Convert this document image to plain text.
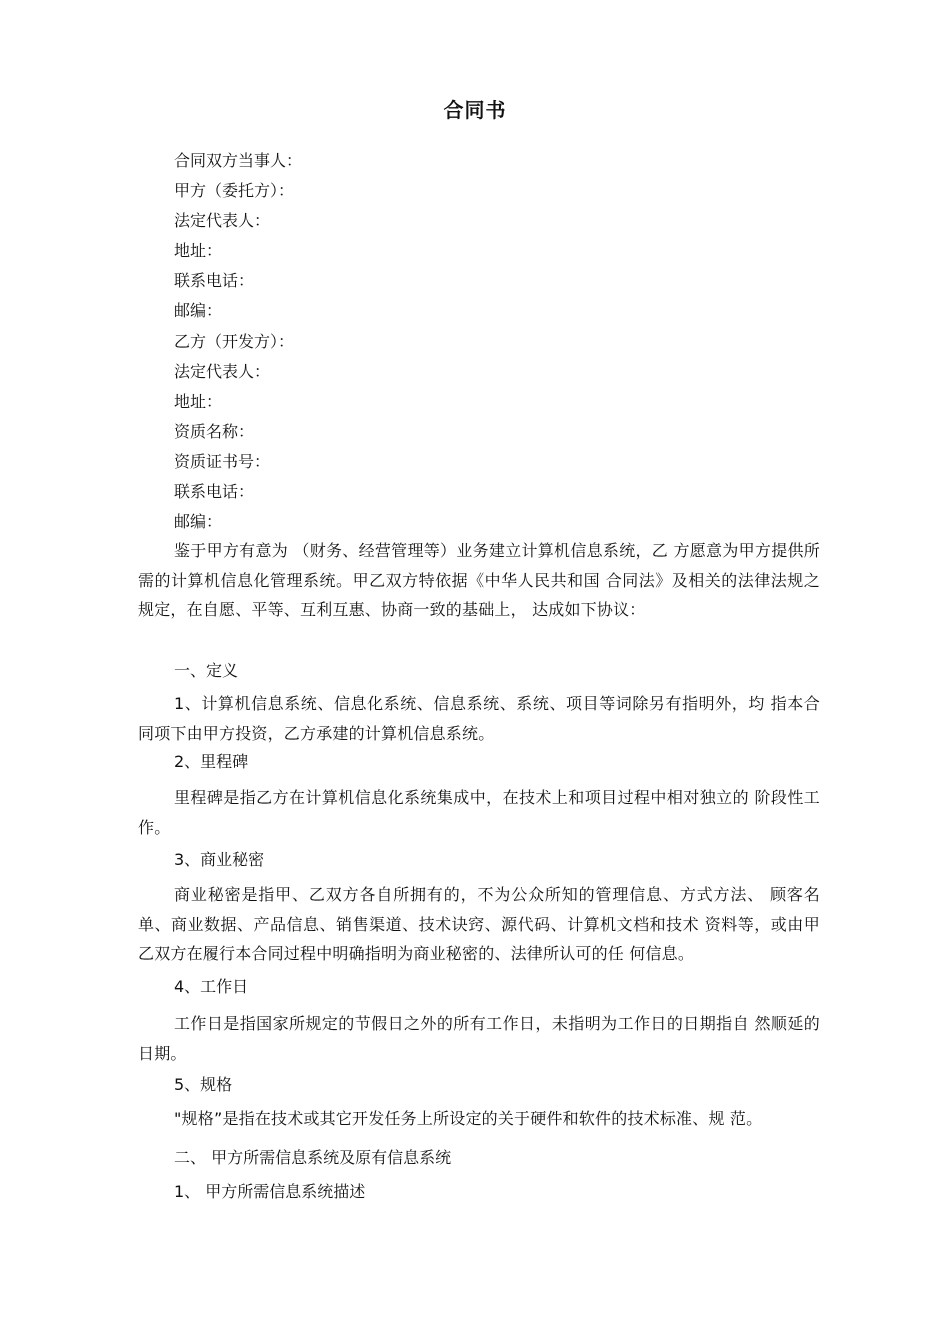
合同书
合同双方当事人：
甲方（委托方）：
法定代表人：
地址：
联系电话：
邮编：
乙方（开发方）：
法定代表人：
地址：
资质名称：
资质证书号：
联系电话：
邮编：
鉴于甲方有意为 （财务、经营管理等）业务建立计算机信息系统，乙 方愿意为甲方提供所需的计算机信息化管理系统。甲乙双方特依据《中华人民共和国 合同法》及相关的法律法规之规定，在自愿、平等、互利互惠、协商一致的基础上， 达成如下协议：
一、定义
1、计算机信息系统、信息化系统、信息系统、系统、项目等词除另有指明外，均 指本合同项下由甲方投资，乙方承建的计算机信息系统。
2、里程碑
里程碑是指乙方在计算机信息化系统集成中，在技术上和项目过程中相对独立的 阶段性工作。
3、商业秘密
商业秘密是指甲、乙双方各自所拥有的，不为公众所知的管理信息、方式方法、 顾客名单、商业数据、产品信息、销售渠道、技术诀窍、源代码、计算机文档和技术 资料等，或由甲乙双方在履行本合同过程中明确指明为商业秘密的、法律所认可的任 何信息。
4、工作日
工作日是指国家所规定的节假日之外的所有工作日，未指明为工作日的日期指自 然顺延的日期。
5、规格
"规格”是指在技术或其它开发任务上所设定的关于硬件和软件的技术标准、规 范。
二、 甲方所需信息系统及原有信息系统
1、 甲方所需信息系统描述
